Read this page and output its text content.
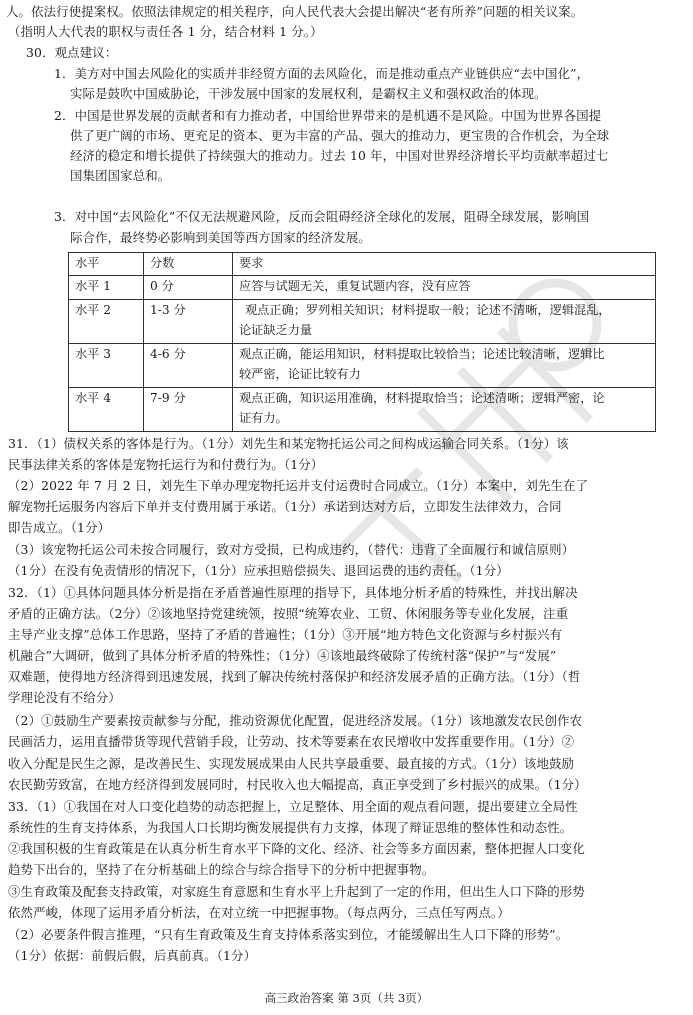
人。依法行使提案权。依照法律规定的相关程序，向人民代表大会提出解决“老有所养”问题的相关议案。
（指明人大代表的职权与责任各 1 分，结合材料 1 分。）
30．观点建议：
1．美方对中国去风险化的实质并非经贸方面的去风险化，而是推动重点产业链供应“去中国化”，
实际是鼓吹中国威胁论，干涉发展中国家的发展权利，是霸权主义和强权政治的体现。
2．中国是世界发展的贡献者和有力推动者，中国给世界带来的是机遇不是风险。中国为世界各国提
供了更广阔的市场、更充足的资本、更为丰富的产品、强大的推动力，更宝贵的合作机会，为全球
经济的稳定和增长提供了持续强大的推动力。过去 10 年，中国对世界经济增长平均贡献率超过七
国集团国家总和。
3．对中国“去风险化”不仅无法规避风险，反而会阻碍经济全球化的发展，阻碍全球发展，影响国
际合作，最终势必影响到美国等西方国家的经济发展。
水平	分数	要求
水平 1	0 分	应答与试题无关，重复试题内容，没有应答
水平 2	1-3 分	观点正确；罗列相关知识；材料提取一般；论述不清晰，逻辑混乱，
论证缺乏力量

水平 3	4-6 分	观点正确，能运用知识，材料提取比较恰当；论述比较清晰，逻辑比
较严密，论证比较有力

水平 4	7-9 分	观点正确，知识运用准确，材料提取恰当；论述清晰；逻辑严密，论
证有力。
31．（1）债权关系的客体是行为。（1分）刘先生和某宠物托运公司之间构成运输合同关系。（1分）该
民事法律关系的客体是宠物托运行为和付费行为。（1分）
（2）2022 年 7 月 2 日，刘先生下单办理宠物托运并支付运费时合同成立。（1分）本案中，刘先生在了
解宠物托运服务内容后下单并支付费用属于承诺。（1分）承诺到达对方后，立即发生法律效力，合同
即告成立。（1分）
（3）该宠物托运公司未按合同履行，致对方受损，已构成违约，（替代：违背了全面履行和诚信原则）
（1分）在没有免责情形的情况下，（1分）应承担赔偿损失、退回运费的违约责任。（1分）
32．（1）①具体问题具体分析是指在矛盾普遍性原理的指导下，具体地分析矛盾的特殊性，并找出解决
矛盾的正确方法。（2分）②该地坚持党建统领，按照“统筹农业、工贸、休闲服务等专业化发展，注重
主导产业支撑”总体工作思路，坚持了矛盾的普遍性；（1分）③开展“地方特色文化资源与乡村振兴有
机融合”大调研，做到了具体分析矛盾的特殊性；（1分）④该地最终破除了传统村落“保护”与“发展”
双难题，使得地方经济得到迅速发展，找到了解决传统村落保护和经济发展矛盾的正确方法。（1分）（哲
学理论没有不给分）
（2）①鼓励生产要素按贡献参与分配，推动资源优化配置，促进经济发展。（1分）该地激发农民创作农
民画活力，运用直播带货等现代营销手段，让劳动、技术等要素在农民增收中发挥重要作用。（1分）②
收入分配是民生之源，是改善民生、实现发展成果由人民共享最重要、最直接的方式。（1分）该地鼓励
农民勤劳致富，在地方经济得到发展同时，村民收入也大幅提高，真正享受到了乡村振兴的成果。（1分）
33．（1）①我国在对人口变化趋势的动态把握上，立足整体、用全面的观点看问题，提出要建立全局性
系统性的生育支持体系，为我国人口长期均衡发展提供有力支撑，体现了辩证思维的整体性和动态性。
②我国积极的生育政策是在认真分析生育水平下降的文化、经济、社会等多方面因素，整体把握人口变化
趋势下出台的，坚持了在分析基础上的综合与综合指导下的分析中把握事物。
③生育政策及配套支持政策，对家庭生育意愿和生育水平上升起到了一定的作用，但出生人口下降的形势
依然严峻，体现了运用矛盾分析法，在对立统一中把握事物。（每点两分，三点任写两点。）
（2）必要条件假言推理，“只有生育政策及生育支持体系落实到位，才能缓解出生人口下降的形势”。
（1分）依据：前假后假，后真前真。（1分）
高三政治答案 第 3页（共 3页）
